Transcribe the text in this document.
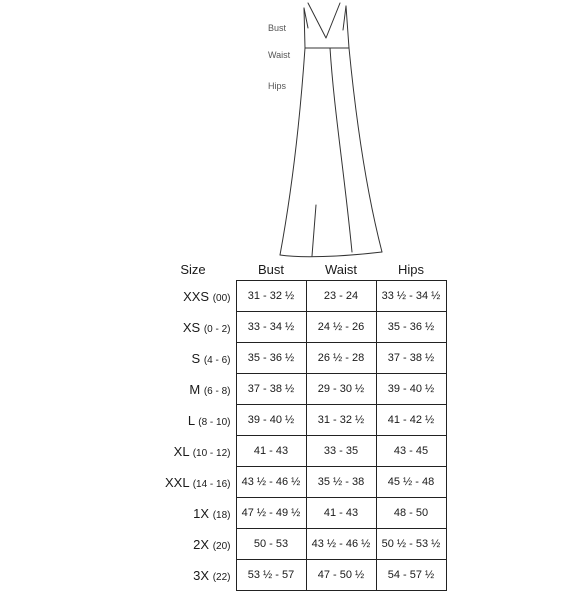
Bust
Waist
Hips
Size	Bust	Waist	Hips
XXS (00)	31 - 32 ½	23 - 24	33 ½ - 34 ½
XS (0 - 2)	33 - 34 ½	24 ½ - 26	35 - 36 ½
S (4 - 6)	35 - 36 ½	26 ½ - 28	37 - 38 ½
M (6 - 8)	37 - 38 ½	29 - 30 ½	39 - 40 ½
L (8 - 10)	39 - 40 ½	31 - 32 ½	41 - 42 ½
XL (10 - 12)	41 - 43	33 - 35	43 - 45
XXL (14 - 16)	43 ½ - 46 ½	35 ½ - 38	45 ½ - 48
1X (18)	47 ½ - 49 ½	41 - 43	48 - 50
2X (20)	50 - 53	43 ½ - 46 ½	50 ½ - 53 ½
3X (22)	53 ½ - 57	47 - 50 ½	54 - 57 ½
